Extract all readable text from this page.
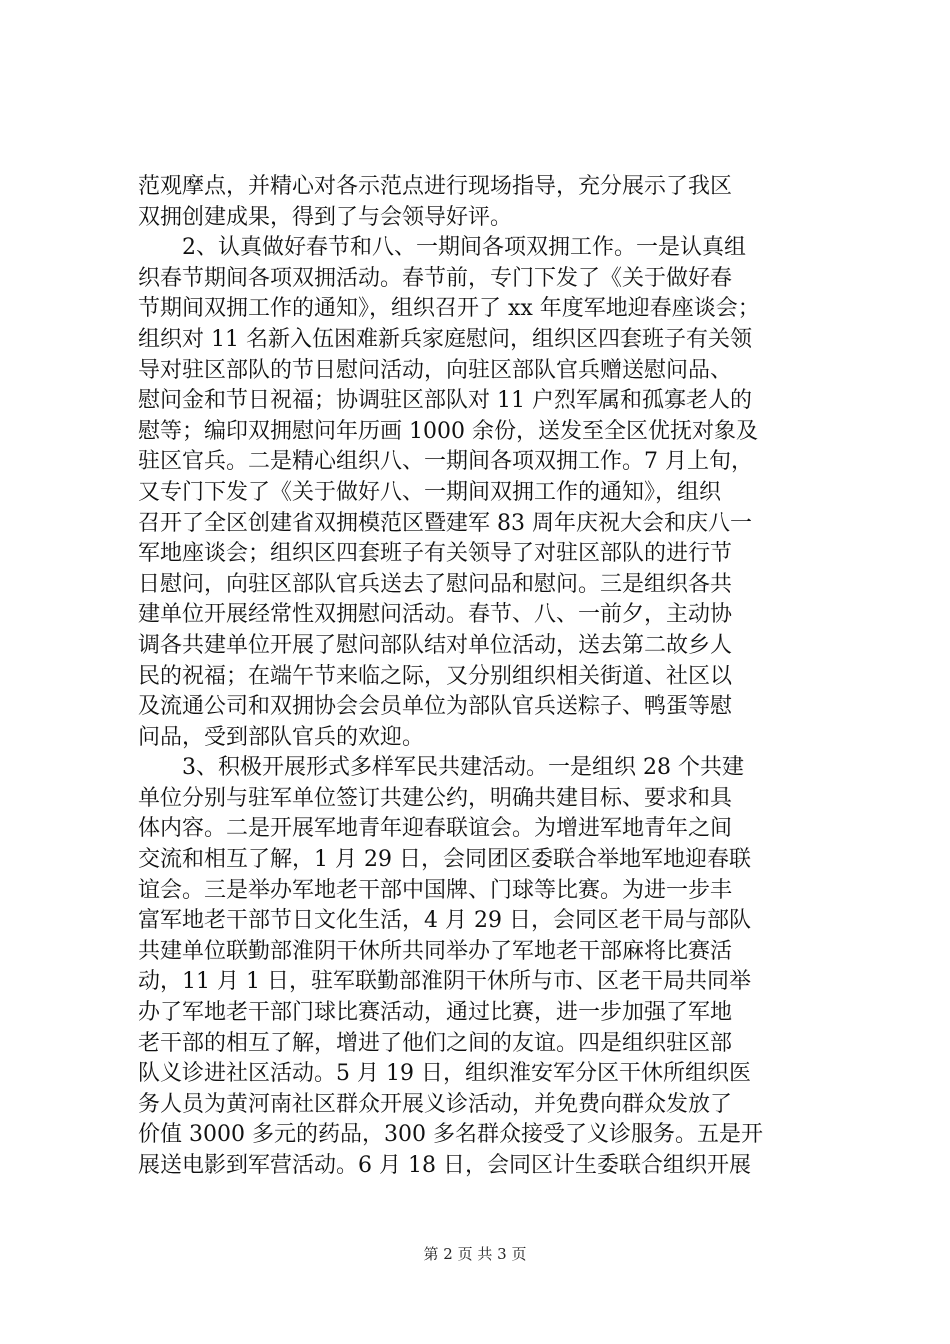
范观摩点，并精心对各示范点进行现场指导，充分展示了我区
双拥创建成果，得到了与会领导好评。
　　2、认真做好春节和八、一期间各项双拥工作。一是认真组
织春节期间各项双拥活动。春节前，专门下发了《关于做好春
节期间双拥工作的通知》，组织召开了 xx 年度军地迎春座谈会；
组织对 11 名新入伍困难新兵家庭慰问，组织区四套班子有关领
导对驻区部队的节日慰问活动，向驻区部队官兵赠送慰问品、
慰问金和节日祝福；协调驻区部队对 11 户烈军属和孤寡老人的
慰等；编印双拥慰问年历画 1000 余份，送发至全区优抚对象及
驻区官兵。二是精心组织八、一期间各项双拥工作。7 月上旬，
又专门下发了《关于做好八、一期间双拥工作的通知》，组织
召开了全区创建省双拥模范区暨建军 83 周年庆祝大会和庆八一
军地座谈会；组织区四套班子有关领导了对驻区部队的进行节
日慰问，向驻区部队官兵送去了慰问品和慰问。三是组织各共
建单位开展经常性双拥慰问活动。春节、八、一前夕，主动协
调各共建单位开展了慰问部队结对单位活动，送去第二故乡人
民的祝福；在端午节来临之际，又分别组织相关街道、社区以
及流通公司和双拥协会会员单位为部队官兵送粽子、鸭蛋等慰
问品，受到部队官兵的欢迎。
　　3、积极开展形式多样军民共建活动。一是组织 28 个共建
单位分别与驻军单位签订共建公约，明确共建目标、要求和具
体内容。二是开展军地青年迎春联谊会。为增进军地青年之间
交流和相互了解，1 月 29 日，会同团区委联合举地军地迎春联
谊会。三是举办军地老干部中国牌、门球等比赛。为进一步丰
富军地老干部节日文化生活，4 月 29 日，会同区老干局与部队
共建单位联勤部淮阴干休所共同举办了军地老干部麻将比赛活
动，11 月 1 日，驻军联勤部淮阴干休所与市、区老干局共同举
办了军地老干部门球比赛活动，通过比赛，进一步加强了军地
老干部的相互了解，增进了他们之间的友谊。四是组织驻区部
队义诊进社区活动。5 月 19 日，组织淮安军分区干休所组织医
务人员为黄河南社区群众开展义诊活动，并免费向群众发放了
价值 3000 多元的药品，300 多名群众接受了义诊服务。五是开
展送电影到军营活动。6 月 18 日，会同区计生委联合组织开展
第 2 页 共 3 页
